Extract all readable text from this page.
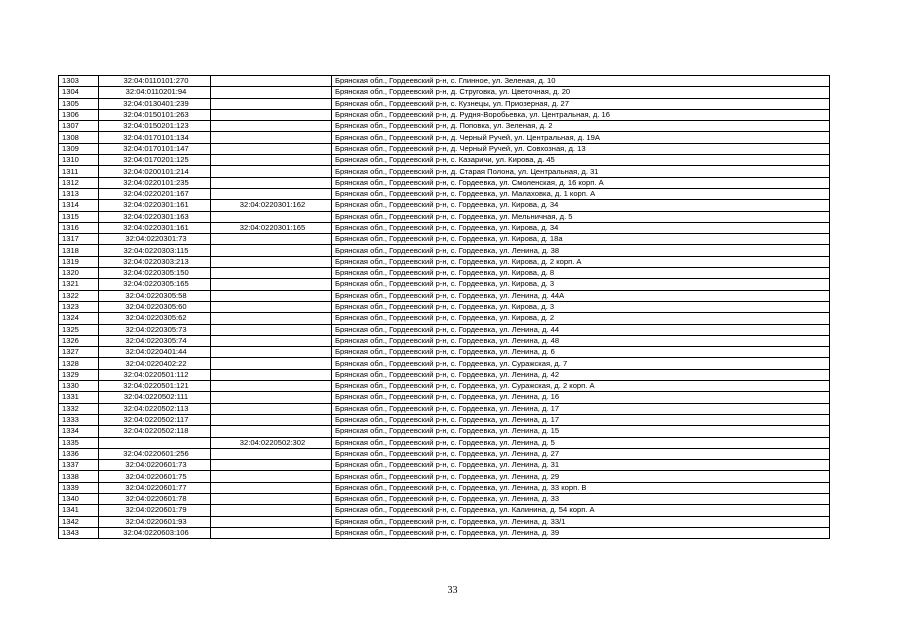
1303	32:04:0110101:270		Брянская обл., Гордеевский р-н, с. Глинное, ул. Зеленая, д. 10
1304	32:04:0110201:94		Брянская обл., Гордеевский р-н, д. Струговка, ул. Цветочная, д. 20
1305	32:04:0130401:239		Брянская обл., Гордеевский р-н, с. Кузнецы, ул. Приозерная, д. 27
1306	32:04:0150101:263		Брянская обл., Гордеевский р-н, д. Рудня-Воробьевка, ул. Центральная, д. 16
1307	32:04:0150201:123		Брянская обл., Гордеевский р-н, д. Поповка, ул. Зеленая, д. 2
1308	32:04:0170101:134		Брянская обл., Гордеевский р-н, д. Черный Ручей, ул. Центральная, д. 19А
1309	32:04:0170101:147		Брянская обл., Гордеевский р-н, д. Черный Ручей, ул. Совхозная, д. 13
1310	32:04:0170201:125		Брянская обл., Гордеевский р-н, с. Казаричи, ул. Кирова, д. 45
1311	32:04:0200101:214		Брянская обл., Гордеевский р-н, д. Старая Полона, ул. Центральная, д. 31
1312	32:04:0220101:235		Брянская обл., Гордеевский р-н, с. Гордеевка, ул. Смоленская, д. 16 корп. А
1313	32:04:0220201:167		Брянская обл., Гордеевский р-н, с. Гордеевка, ул. Малаховка, д. 1 корп. А
1314	32:04:0220301:161	32:04:0220301:162	Брянская обл., Гордеевский р-н, с. Гордеевка, ул. Кирова, д. 34
1315	32:04:0220301:163		Брянская обл., Гордеевский р-н, с. Гордеевка, ул. Мельничная, д. 5
1316	32:04:0220301:161	32:04:0220301:165	Брянская обл., Гордеевский р-н, с. Гордеевка, ул. Кирова, д. 34
1317	32:04:0220301:73		Брянская обл., Гордеевский р-н, с. Гордеевка, ул. Кирова, д. 18а
1318	32:04:0220303:115		Брянская обл., Гордеевский р-н, с. Гордеевка, ул. Ленина, д. 38
1319	32:04:0220303:213		Брянская обл., Гордеевский р-н, с. Гордеевка, ул. Кирова, д. 2 корп. А
1320	32:04:0220305:150		Брянская обл., Гордеевский р-н, с. Гордеевка, ул. Кирова, д. 8
1321	32:04:0220305:165		Брянская обл., Гордеевский р-н, с. Гордеевка, ул. Кирова, д. 3
1322	32:04:0220305:58		Брянская обл., Гордеевский р-н, с. Гордеевка, ул. Ленина, д. 44А
1323	32:04:0220305:60		Брянская обл., Гордеевский р-н, с. Гордеевка, ул. Кирова, д. 3
1324	32:04:0220305:62		Брянская обл., Гордеевский р-н, с. Гордеевка, ул. Кирова, д. 2
1325	32:04:0220305:73		Брянская обл., Гордеевский р-н, с. Гордеевка, ул. Ленина, д. 44
1326	32:04:0220305:74		Брянская обл., Гордеевский р-н, с. Гордеевка, ул. Ленина, д. 48
1327	32:04:0220401:44		Брянская обл., Гордеевский р-н, с. Гордеевка, ул. Ленина, д. 6
1328	32:04:0220402:22		Брянская обл., Гордеевский р-н, с. Гордеевка, ул. Суражская, д. 7
1329	32:04:0220501:112		Брянская обл., Гордеевский р-н, с. Гордеевка, ул. Ленина, д. 42
1330	32:04:0220501:121		Брянская обл., Гордеевский р-н, с. Гордеевка, ул. Суражская, д. 2 корп. А
1331	32:04:0220502:111		Брянская обл., Гордеевский р-н, с. Гордеевка, ул. Ленина, д. 16
1332	32:04:0220502:113		Брянская обл., Гордеевский р-н, с. Гордеевка, ул. Ленина, д. 17
1333	32:04:0220502:117		Брянская обл., Гордеевский р-н, с. Гордеевка, ул. Ленина, д. 17
1334	32:04:0220502:118		Брянская обл., Гордеевский р-н, с. Гордеевка, ул. Ленина, д. 15
1335		32:04:0220502:302	Брянская обл., Гордеевский р-н, с. Гордеевка, ул. Ленина, д. 5
1336	32:04:0220601:256		Брянская обл., Гордеевский р-н, с. Гордеевка, ул. Ленина, д. 27
1337	32:04:0220601:73		Брянская обл., Гордеевский р-н, с. Гордеевка, ул. Ленина, д. 31
1338	32:04:0220601:75		Брянская обл., Гордеевский р-н, с. Гордеевка, ул. Ленина, д. 29
1339	32:04:0220601:77		Брянская обл., Гордеевский р-н, с. Гордеевка, ул. Ленина, д. 33 корп. В
1340	32:04:0220601:78		Брянская обл., Гордеевский р-н, с. Гордеевка, ул. Ленина, д. 33
1341	32:04:0220601:79		Брянская обл., Гордеевский р-н, с. Гордеевка, ул. Калинина, д. 54 корп. А
1342	32:04:0220601:93		Брянская обл., Гордеевский р-н, с. Гордеевка, ул. Ленина, д. 33/1
1343	32:04:0220603:106		Брянская обл., Гордеевский р-н, с. Гордеевка, ул. Ленина, д. 39
33
